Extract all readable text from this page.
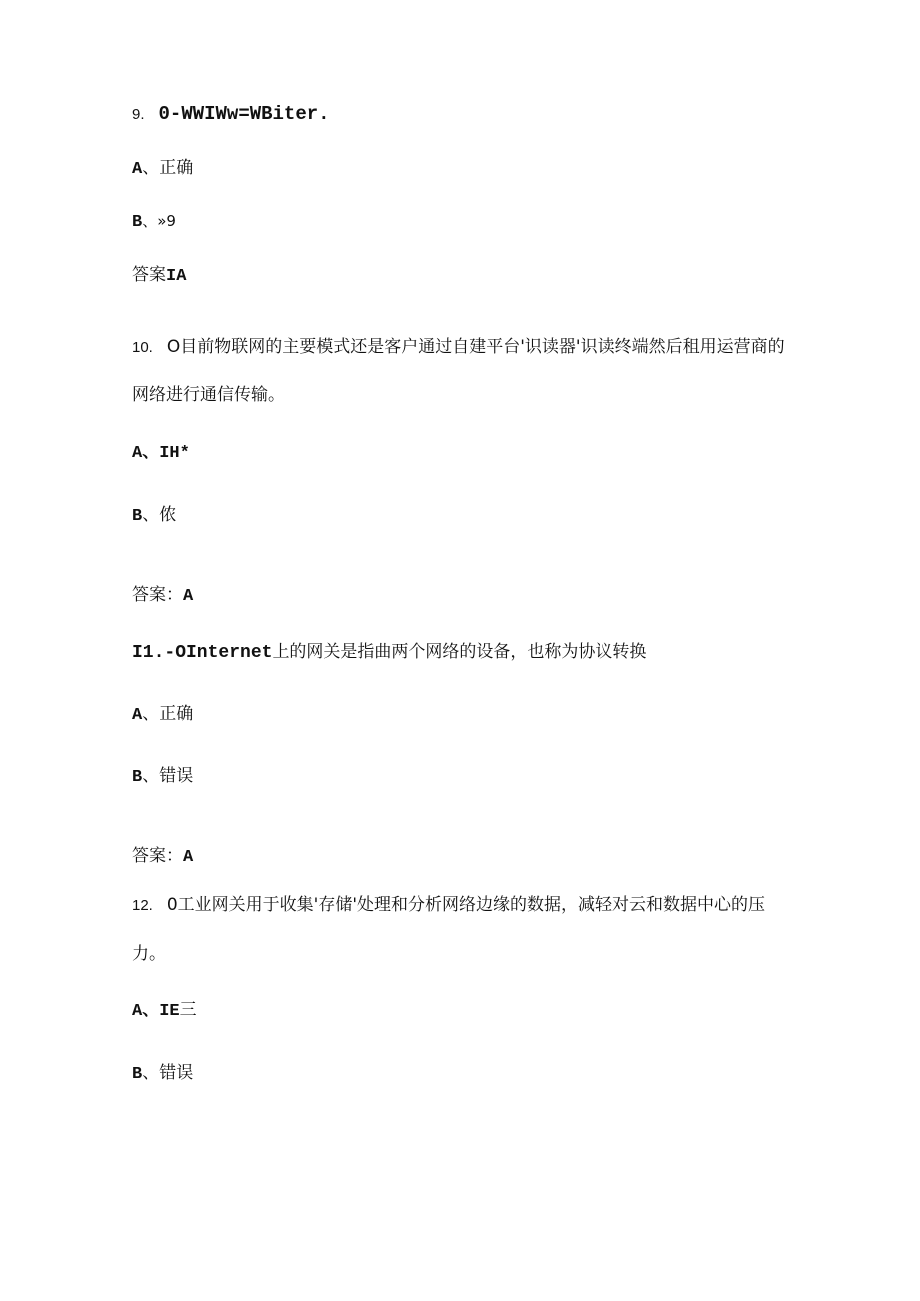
9. 0-WWIWw=WBiter.
A、正确
B、»9
答案IA
10. O目前物联网的主要模式还是客户通过自建平台'识读器'识读终端然后租用运营商的
网络进行通信传输。
A、IH*
B、侬
答案：A
I1.-OInternet上的网关是指曲两个网络的设备，也称为协议转换
A、正确
B、错误
答案：A
12. 0工业网关用于收集'存储'处理和分析网络边缘的数据，减轻对云和数据中心的压
力。
A、IE三
B、错误
